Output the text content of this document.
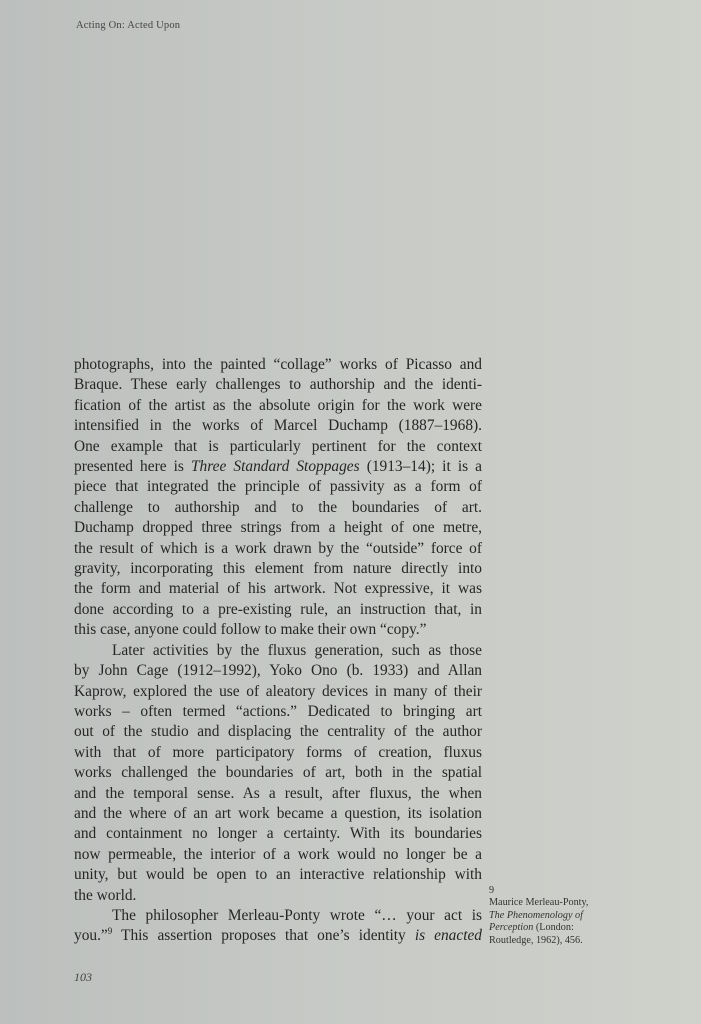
Acting On: Acted Upon
photographs, into the painted “collage” works of Picasso and
Braque. These early challenges to authorship and the identi-
fication of the artist as the absolute origin for the work were
intensified in the works of Marcel Duchamp (1887–1968).
One example that is particularly pertinent for the context
presented here is Three Standard Stoppages (1913–14); it is a
piece that integrated the principle of passivity as a form of
challenge to authorship and to the boundaries of art.
Duchamp dropped three strings from a height of one metre,
the result of which is a work drawn by the “outside” force of
gravity, incorporating this element from nature directly into
the form and material of his artwork. Not expressive, it was
done according to a pre-existing rule, an instruction that, in
this case, anyone could follow to make their own “copy.”
Later activities by the fluxus generation, such as those
by John Cage (1912–1992), Yoko Ono (b. 1933) and Allan
Kaprow, explored the use of aleatory devices in many of their
works – often termed “actions.” Dedicated to bringing art
out of the studio and displacing the centrality of the author
with that of more participatory forms of creation, fluxus
works challenged the boundaries of art, both in the spatial
and the temporal sense. As a result, after fluxus, the when
and the where of an art work became a question, its isolation
and containment no longer a certainty. With its boundaries
now permeable, the interior of a work would no longer be a
unity, but would be open to an interactive relationship with
the world.
The philosopher Merleau-Ponty wrote “… your act is
you.”$^9$ This assertion proposes that one’s identity is enacted
9
Maurice Merleau-Ponty,
The Phenomenology of
Perception (London:
Routledge, 1962), 456.
103
